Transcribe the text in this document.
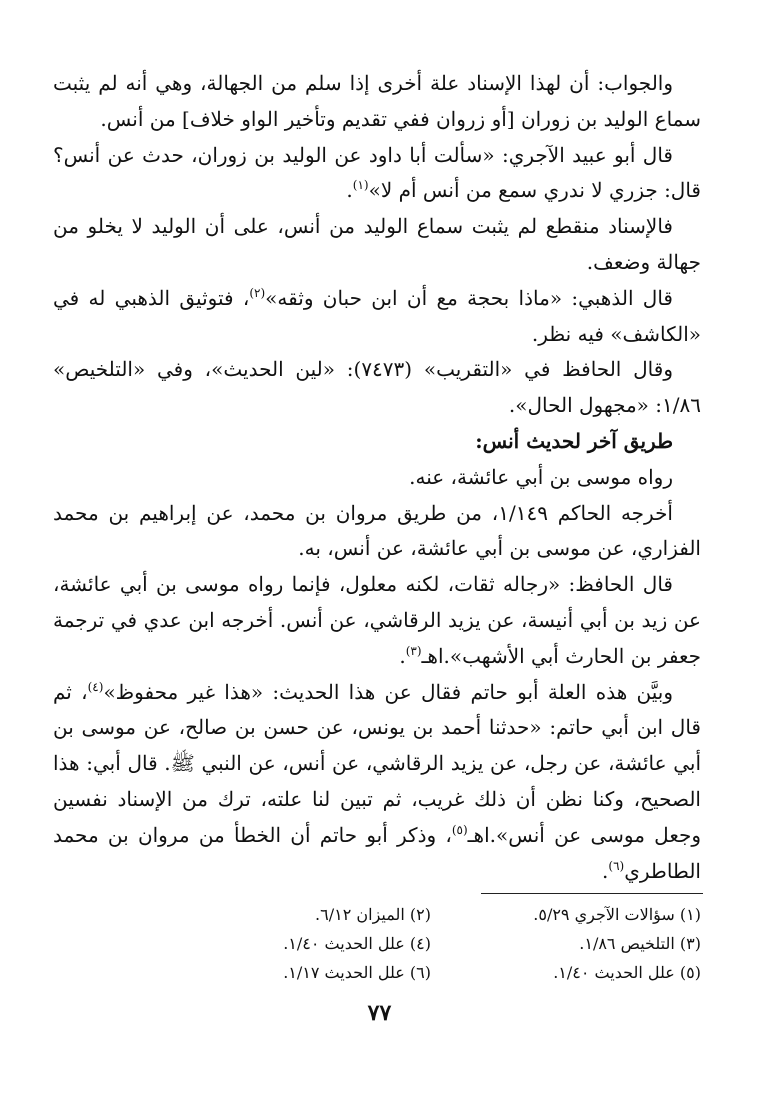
والجواب: أن لهذا الإسناد علة أخرى إذا سلم من الجهالة، وهي أنه لم يثبت سماع الوليد بن زوران [أو زروان ففي تقديم وتأخير الواو خلاف] من أنس.

قال أبو عبيد الآجري: «سألت أبا داود عن الوليد بن زوران، حدث عن أنس؟ قال: جزري لا ندري سمع من أنس أم لا»$^{(١)}$.

فالإسناد منقطع لم يثبت سماع الوليد من أنس، على أن الوليد لا يخلو من جهالة وضعف.

قال الذهبي: «ماذا بحجة مع أن ابن حبان وثقه»$^{(٢)}$، فتوثيق الذهبي له في «الكاشف» فيه نظر.

وقال الحافظ في «التقريب» (٧٤٧٣): «لين الحديث»، وفي «التلخيص» ١/٨٦: «مجهول الحال».

طريق آخر لحديث أنس:

رواه موسى بن أبي عائشة، عنه.

أخرجه الحاكم ١/١٤٩، من طريق مروان بن محمد، عن إبراهيم بن محمد الفزاري، عن موسى بن أبي عائشة، عن أنس، به.

قال الحافظ: «رجاله ثقات، لكنه معلول، فإنما رواه موسى بن أبي عائشة، عن زيد بن أبي أنيسة، عن يزيد الرقاشي، عن أنس. أخرجه ابن عدي في ترجمة جعفر بن الحارث أبي الأشهب».اهـ$^{(٣)}$.

وبيَّن هذه العلة أبو حاتم فقال عن هذا الحديث: «هذا غير محفوظ»$^{(٤)}$، ثم قال ابن أبي حاتم: «حدثنا أحمد بن يونس، عن حسن بن صالح، عن موسى بن أبي عائشة، عن رجل، عن يزيد الرقاشي، عن أنس، عن النبي ﷺ. قال أبي: هذا الصحيح، وكنا نظن أن ذلك غريب، ثم تبين لنا علته، ترك من الإسناد نفسين وجعل موسى عن أنس».اهـ$^{(٥)}$، وذكر أبو حاتم أن الخطأ من مروان بن محمد الطاطري$^{(٦)}$.

(١) سؤالات الآجري ٥/٢٩.
(٢) الميزان ٦/١٢.
(٣) التلخيص ١/٨٦.
(٤) علل الحديث ١/٤٠.
(٥) علل الحديث ١/٤٠.
(٦) علل الحديث ١/١٧.
٧٧
